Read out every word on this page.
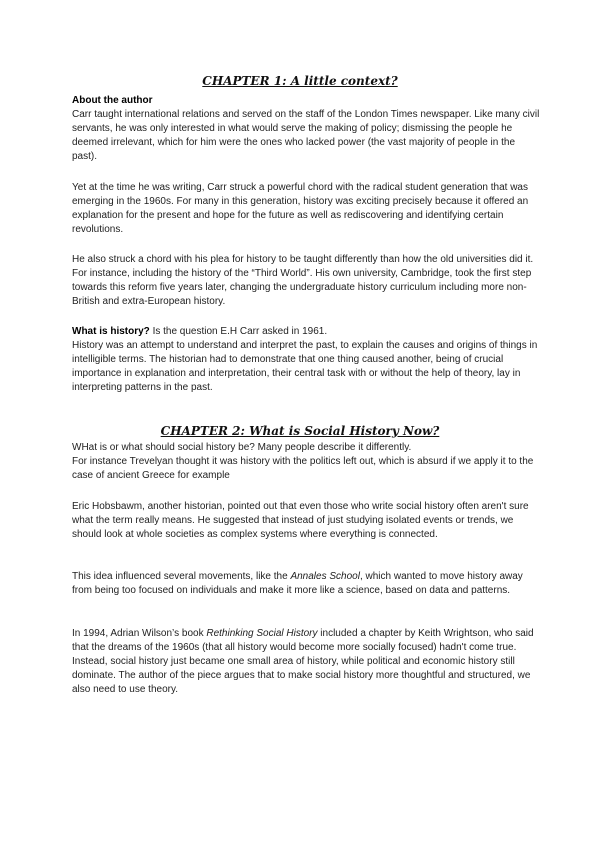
CHAPTER 1: A little context?

About the author
Carr taught international relations and served on the staff of the London Times newspaper. Like many civil servants, he was only interested in what would serve the making of policy; dismissing the people he deemed irrelevant, which for him were the ones who lacked power (the vast majority of people in the past).

Yet at the time he was writing, Carr struck a powerful chord with the radical student generation that was emerging in the 1960s. For many in this generation, history was exciting precisely because it offered an explanation for the present and hope for the future as well as rediscovering and identifying certain revolutions.

He also struck a chord with his plea for history to be taught differently than how the old universities did it. For instance, including the history of the “Third World”. His own university, Cambridge, took the first step towards this reform five years later, changing the undergraduate history curriculum including more non-British and extra-European history.

What is history? Is the question E.H Carr asked in 1961.
History was an attempt to understand and interpret the past, to explain the causes and origins of things in intelligible terms. The historian had to demonstrate that one thing caused another, being of crucial importance in explanation and interpretation, their central task with or without the help of theory, lay in interpreting patterns in the past.

CHAPTER 2: What is Social History Now?

WHat is or what should social history be? Many people describe it differently.
For instance Trevelyan thought it was history with the politics left out, which is absurd if we apply it to the case of ancient Greece for example

Eric Hobsbawm, another historian, pointed out that even those who write social history often aren't sure what the term really means. He suggested that instead of just studying isolated events or trends, we should look at whole societies as complex systems where everything is connected.

This idea influenced several movements, like the Annales School, which wanted to move history away from being too focused on individuals and make it more like a science, based on data and patterns.

In 1994, Adrian Wilson’s book Rethinking Social History included a chapter by Keith Wrightson, who said that the dreams of the 1960s (that all history would become more socially focused) hadn't come true. Instead, social history just became one small area of history, while political and economic history still dominate. The author of the piece argues that to make social history more thoughtful and structured, we also need to use theory.
